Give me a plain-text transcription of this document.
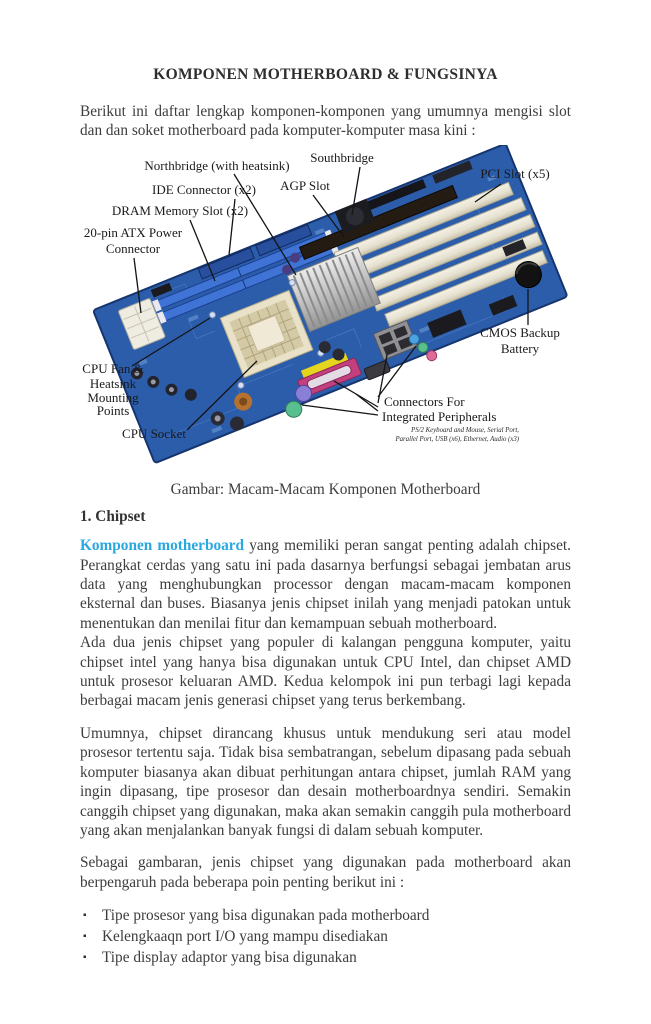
KOMPONEN MOTHERBOARD & FUNGSINYA

Berikut ini daftar lengkap komponen-komponen yang umumnya mengisi slot dan dan soket motherboard pada komputer-komputer masa kini :

Northbridge (with heatsink)
Southbridge
PCI Slot (x5)
IDE Connector (x2) AGP Slot
DRAM Memory Slot (x2)
20-pin ATX Power
Connector
CMOS Backup
Battery
CPU Fan &
Heatsink
Mounting
Points
CPU Socket
Connectors For
Integrated Peripherals
PS/2 Keyboard and Mouse, Serial Port,
Parallel Port, USB (x6), Ethernet, Audio (x3)

Gambar: Macam-Macam Komponen Motherboard

1. Chipset

Komponen motherboard yang memiliki peran sangat penting adalah chipset. Perangkat cerdas yang satu ini pada dasarnya berfungsi sebagai jembatan arus data yang menghubungkan processor dengan macam-macam komponen eksternal dan buses. Biasanya jenis chipset inilah yang menjadi patokan untuk menentukan dan menilai fitur dan kemampuan sebuah motherboard.

Ada dua jenis chipset yang populer di kalangan pengguna komputer, yaitu chipset intel yang hanya bisa digunakan untuk CPU Intel, dan chipset AMD untuk prosesor keluaran AMD. Kedua kelompok ini pun terbagi lagi kepada berbagai macam jenis generasi chipset yang terus berkembang.

Umumnya, chipset dirancang khusus untuk mendukung seri atau model prosesor tertentu saja. Tidak bisa sembatrangan, sebelum dipasang pada sebuah komputer biasanya akan dibuat perhitungan antara chipset, jumlah RAM yang ingin dipasang, tipe prosesor dan desain motherboardnya sendiri. Semakin canggih chipset yang digunakan, maka akan semakin canggih pula motherboard yang akan menjalankan banyak fungsi di dalam sebuah komputer.

Sebagai gambaran, jenis chipset yang digunakan pada motherboard akan berpengaruh pada beberapa poin penting berikut ini :

▪ Tipe prosesor yang bisa digunakan pada motherboard
▪ Kelengkaaqn port I/O yang mampu disediakan
▪ Tipe display adaptor yang bisa digunakan
